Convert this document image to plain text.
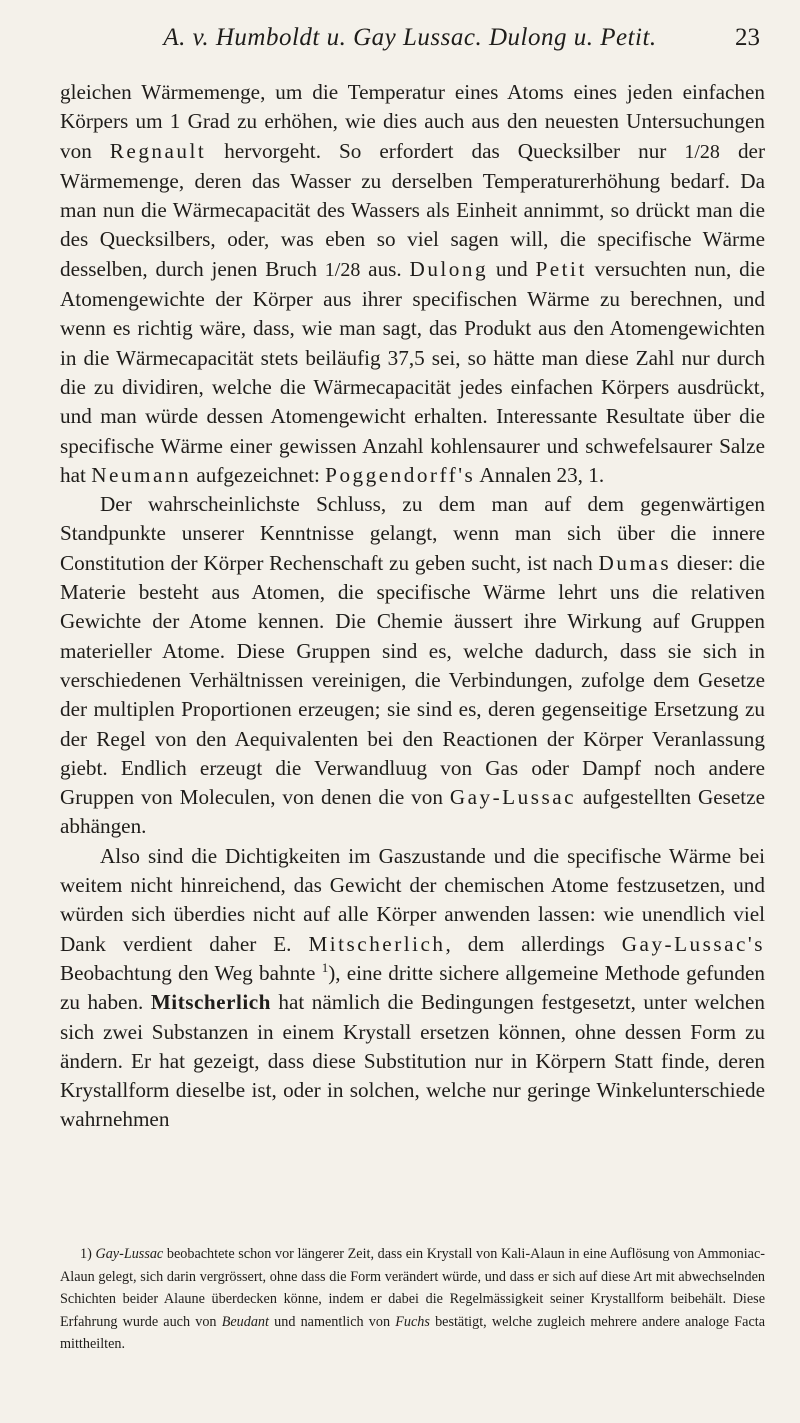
A. v. Humboldt u. Gay Lussac. Dulong u. Petit.	23

gleichen Wärmemenge, um die Temperatur eines Atoms eines jeden einfachen Körpers um 1 Grad zu erhöhen, wie dies auch aus den neuesten Untersuchungen von Regnault hervorgeht. So erfordert das Quecksilber nur 1/28 der Wärmemenge, deren das Wasser zu derselben Temperaturerhöhung bedarf. Da man nun die Wärmecapacität des Wassers als Einheit annimmt, so drückt man die des Quecksilbers, oder, was eben so viel sagen will, die specifische Wärme desselben, durch jenen Bruch 1/28 aus. Dulong und Petit versuchten nun, die Atomengewichte der Körper aus ihrer specifischen Wärme zu berechnen, und wenn es richtig wäre, dass, wie man sagt, das Produkt aus den Atomengewichten in die Wärmecapacität stets beiläufig 37,5 sei, so hätte man diese Zahl nur durch die zu dividiren, welche die Wärmecapacität jedes einfachen Körpers ausdrückt, und man würde dessen Atomengewicht erhalten. Interessante Resultate über die specifische Wärme einer gewissen Anzahl kohlensaurer und schwefelsaurer Salze hat Neumann aufgezeichnet: Poggendorff's Annalen 23, 1.

Der wahrscheinlichste Schluss, zu dem man auf dem gegenwärtigen Standpunkte unserer Kenntnisse gelangt, wenn man sich über die innere Constitution der Körper Rechenschaft zu geben sucht, ist nach Dumas dieser: die Materie besteht aus Atomen, die specifische Wärme lehrt uns die relativen Gewichte der Atome kennen. Die Chemie äussert ihre Wirkung auf Gruppen materieller Atome. Diese Gruppen sind es, welche dadurch, dass sie sich in verschiedenen Verhältnissen vereinigen, die Verbindungen, zufolge dem Gesetze der multiplen Proportionen erzeugen; sie sind es, deren gegenseitige Ersetzung zu der Regel von den Aequivalenten bei den Reactionen der Körper Veranlassung giebt. Endlich erzeugt die Verwandluug von Gas oder Dampf noch andere Gruppen von Moleculen, von denen die von Gay-Lussac aufgestellten Gesetze abhängen.

Also sind die Dichtigkeiten im Gaszustande und die specifische Wärme bei weitem nicht hinreichend, das Gewicht der chemischen Atome festzusetzen, und würden sich überdies nicht auf alle Körper anwenden lassen: wie unendlich viel Dank verdient daher E. Mitscherlich, dem allerdings Gay-Lussac's Beobachtung den Weg bahnte $^1$), eine dritte sichere allgemeine Methode gefunden zu haben. Mitscherlich hat nämlich die Bedingungen festgesetzt, unter welchen sich zwei Substanzen in einem Krystall ersetzen können, ohne dessen Form zu ändern. Er hat gezeigt, dass diese Substitution nur in Körpern Statt finde, deren Krystallform dieselbe ist, oder in solchen, welche nur geringe Winkelunterschiede wahrnehmen

1) Gay-Lussac beobachtete schon vor längerer Zeit, dass ein Krystall von Kali-Alaun in eine Auflösung von Ammoniac-Alaun gelegt, sich darin vergrössert, ohne dass die Form verändert würde, und dass er sich auf diese Art mit abwechselnden Schichten beider Alaune überdecken könne, indem er dabei die Regelmässigkeit seiner Krystallform beibehält. Diese Erfahrung wurde auch von Beudant und namentlich von Fuchs bestätigt, welche zugleich mehrere andere analoge Facta mittheilten.
